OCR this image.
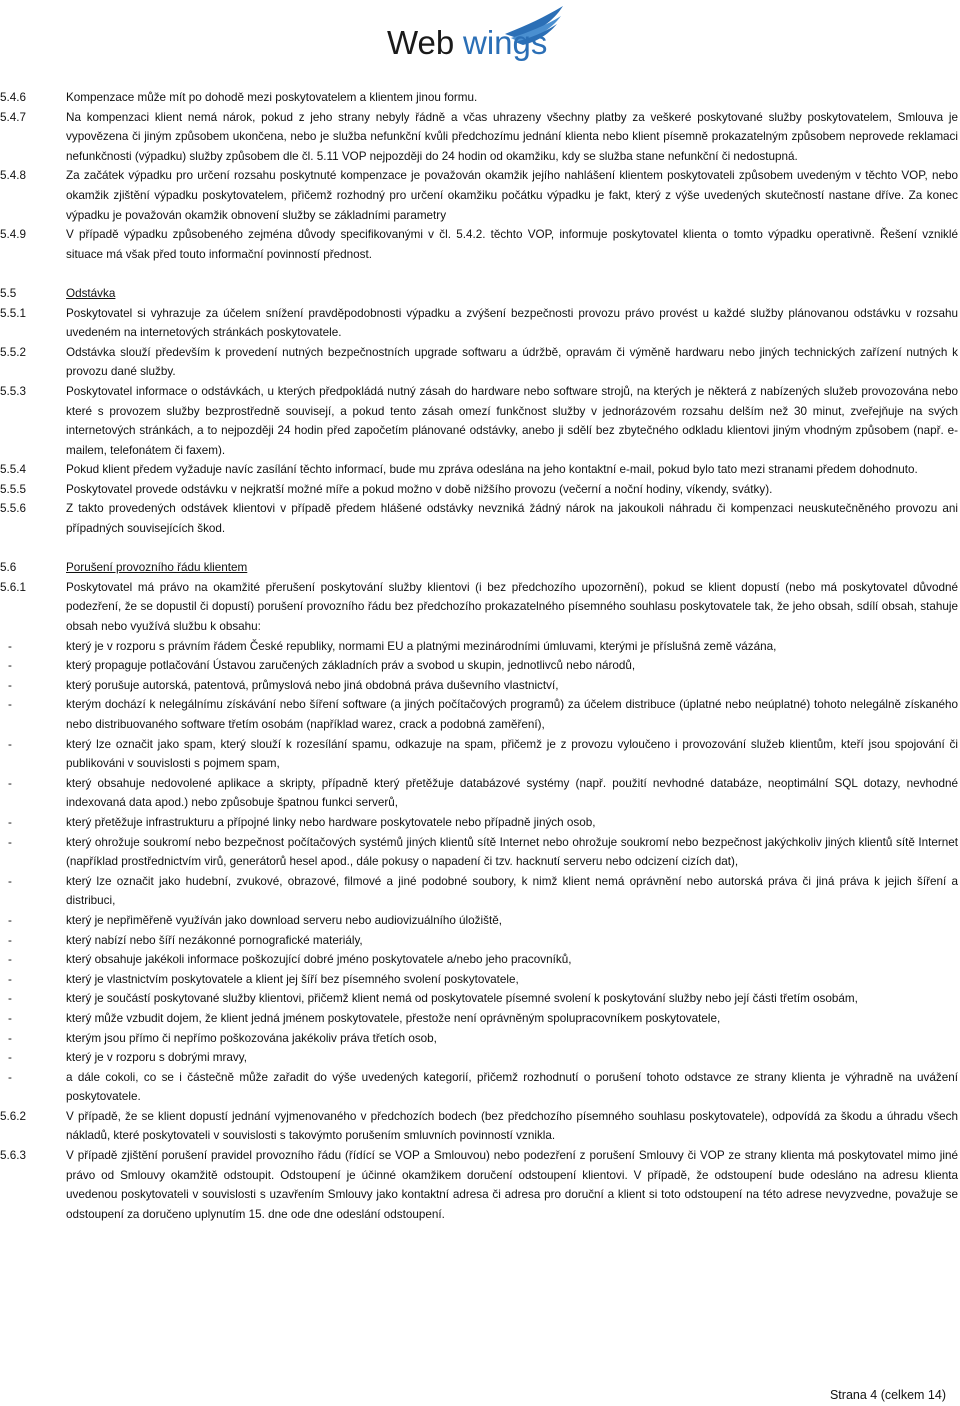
Web wings
5.4.6	Kompenzace může mít po dohodě mezi poskytovatelem a klientem jinou formu.
5.4.7	Na kompenzaci klient nemá nárok, pokud z jeho strany nebyly řádně a včas uhrazeny všechny platby za veškeré poskytované služby poskytovatelem, Smlouva je vypovězena či jiným způsobem ukončena, nebo je služba nefunkční kvůli předchozímu jednání klienta nebo klient písemně prokazatelným způsobem neprovede reklamaci nefunkčnosti (výpadku) služby způsobem dle čl. 5.11 VOP nejpozději do 24 hodin od okamžiku, kdy se služba stane nefunkční či nedostupná.
5.4.8	Za začátek výpadku pro určení rozsahu poskytnuté kompenzace je považován okamžik jejího nahlášení klientem poskytovateli způsobem uvedeným v těchto VOP, nebo okamžik zjištění výpadku poskytovatelem, přičemž rozhodný pro určení okamžiku počátku výpadku je fakt, který z výše uvedených skutečností nastane dříve. Za konec výpadku je považován okamžik obnovení služby se základními parametry
5.4.9	V případě výpadku způsobeného zejména důvody specifikovanými v čl. 5.4.2. těchto VOP, informuje poskytovatel klienta o tomto výpadku operativně. Řešení vzniklé situace má však před touto informační povinností přednost.
5.5	Odstávka
5.5.1	Poskytovatel si vyhrazuje za účelem snížení pravděpodobnosti výpadku a zvýšení bezpečnosti provozu právo provést u každé služby plánovanou odstávku v rozsahu uvedeném na internetových stránkách poskytovatele.
5.5.2	Odstávka slouží především k provedení nutných bezpečnostních upgrade softwaru a údržbě, opravám či výměně hardwaru nebo jiných technických zařízení nutných k provozu dané služby.
5.5.3	Poskytovatel informace o odstávkách, u kterých předpokládá nutný zásah do hardware nebo software strojů, na kterých je některá z nabízených služeb provozována nebo které s provozem služby bezprostředně souvisejí, a pokud tento zásah omezí funkčnost služby v jednorázovém rozsahu delším než 30 minut, zveřejňuje na svých internetových stránkách, a to nejpozději 24 hodin před započetím plánované odstávky, anebo ji sdělí bez zbytečného odkladu klientovi jiným vhodným způsobem (např. e-mailem, telefonátem či faxem).
5.5.4	Pokud klient předem vyžaduje navíc zasílání těchto informací, bude mu zpráva odeslána na jeho kontaktní e-mail, pokud bylo tato mezi stranami předem dohodnuto.
5.5.5	Poskytovatel provede odstávku v nejkratší možné míře a pokud možno v době nižšího provozu (večerní a noční hodiny, víkendy, svátky).
5.5.6	Z takto provedených odstávek klientovi v případě předem hlášené odstávky nevzniká žádný nárok na jakoukoli náhradu či kompenzaci neuskutečněného provozu ani případných souvisejících škod.
5.6	Porušení provozního řádu klientem
5.6.1	Poskytovatel má právo na okamžité přerušení poskytování služby klientovi (i bez předchozího upozornění), pokud se klient dopustí (nebo má poskytovatel důvodné podezření, že se dopustil či dopustí) porušení provozního řádu bez předchozího prokazatelného písemného souhlasu poskytovatele tak, že jeho obsah, sdílí obsah, stahuje obsah nebo využívá službu k obsahu:
-	který je v rozporu s právním řádem České republiky, normami EU a platnými mezinárodními úmluvami, kterými je příslušná země vázána,
-	který propaguje potlačování Ústavou zaručených základních práv a svobod u skupin, jednotlivců nebo národů,
-	který porušuje autorská, patentová, průmyslová nebo jiná obdobná práva duševního vlastnictví,
-	kterým dochází k nelegálnímu získávání nebo šíření software (a jiných počítačových programů) za účelem distribuce (úplatné nebo neúplatné) tohoto nelegálně získaného nebo distribuovaného software třetím osobám (například warez, crack a podobná zaměření),
-	který lze označit jako spam, který slouží k rozesílání spamu, odkazuje na spam, přičemž je z provozu vyloučeno i provozování služeb klientům, kteří jsou spojování či publikováni v souvislosti s pojmem spam,
-	který obsahuje nedovolené aplikace a skripty, případně který přetěžuje databázové systémy (např. použití nevhodné databáze, neoptimální SQL dotazy, nevhodné indexovaná data apod.) nebo způsobuje špatnou funkci serverů,
-	který přetěžuje infrastrukturu a přípojné linky nebo hardware poskytovatele nebo případně jiných osob,
-	který ohrožuje soukromí nebo bezpečnost počítačových systémů jiných klientů sítě Internet nebo ohrožuje soukromí nebo bezpečnost jakýchkoliv jiných klientů sítě Internet (například prostřednictvím virů, generátorů hesel apod., dále pokusy o napadení či tzv. hacknutí serveru nebo odcizení cizích dat),
-	který lze označit jako hudební, zvukové, obrazové, filmové a jiné podobné soubory, k nimž klient nemá oprávnění nebo autorská práva či jiná práva k jejich šíření a distribuci,
-	který je nepřiměřeně využíván jako download serveru nebo audiovizuálního úložiště,
-	který nabízí nebo šíří nezákonné pornografické materiály,
-	který obsahuje jakékoli informace poškozující dobré jméno poskytovatele a/nebo jeho pracovníků,
-	který je vlastnictvím poskytovatele a klient jej šíří bez písemného svolení poskytovatele,
-	který je součástí poskytované služby klientovi, přičemž klient nemá od poskytovatele písemné svolení k poskytování služby nebo její části třetím osobám,
-	který může vzbudit dojem, že klient jedná jménem poskytovatele, přestože není oprávněným spolupracovníkem poskytovatele,
-	kterým jsou přímo či nepřímo poškozována jakékoliv práva třetích osob,
-	který je v rozporu s dobrými mravy,
-	a dále cokoli, co se i částečně může zařadit do výše uvedených kategorií, přičemž rozhodnutí o porušení tohoto odstavce ze strany klienta je výhradně na uvážení poskytovatele.
5.6.2	V případě, že se klient dopustí jednání vyjmenovaného v předchozích bodech (bez předchozího písemného souhlasu poskytovatele), odpovídá za škodu a úhradu všech nákladů, které poskytovateli v souvislosti s takovýmto porušením smluvních povinností vznikla.
5.6.3	V případě zjištění porušení pravidel provozního řádu (řídící se VOP a Smlouvou) nebo podezření z porušení Smlouvy či VOP ze strany klienta má poskytovatel mimo jiné právo od Smlouvy okamžitě odstoupit. Odstoupení je účinné okamžikem doručení odstoupení klientovi. V případě, že odstoupení bude odesláno na adresu klienta uvedenou poskytovateli v souvislosti s uzavřením Smlouvy jako kontaktní adresa či adresa pro doruční a klient si toto odstoupení na této adrese nevyzvedne, považuje se odstoupení za doručeno uplynutím 15. dne ode dne odeslání odstoupení.
Strana 4 (celkem 14)
